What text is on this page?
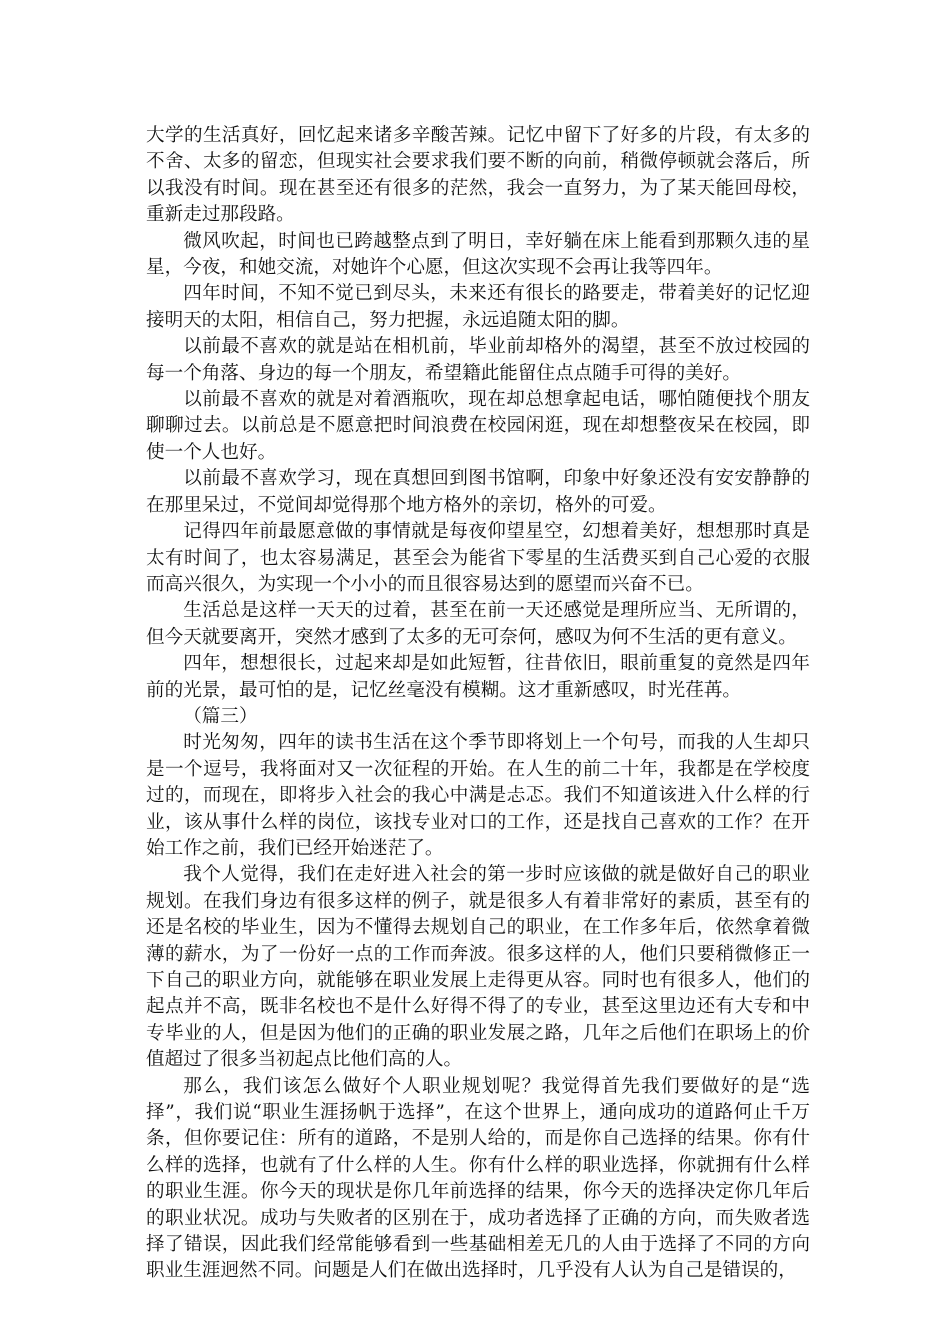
大学的生活真好，回忆起来诸多辛酸苦辣。记忆中留下了好多的片段，有太多的不舍、太多的留恋，但现实社会要求我们要不断的向前，稍微停顿就会落后，所以我没有时间。现在甚至还有很多的茫然，我会一直努力，为了某天能回母校，重新走过那段路。

微风吹起，时间也已跨越整点到了明日，幸好躺在床上能看到那颗久违的星星，今夜，和她交流，对她许个心愿，但这次实现不会再让我等四年。

四年时间，不知不觉已到尽头，未来还有很长的路要走，带着美好的记忆迎接明天的太阳，相信自己，努力把握，永远追随太阳的脚。

以前最不喜欢的就是站在相机前，毕业前却格外的渴望，甚至不放过校园的每一个角落、身边的每一个朋友，希望籍此能留住点点随手可得的美好。

以前最不喜欢的就是对着酒瓶吹，现在却总想拿起电话，哪怕随便找个朋友聊聊过去。以前总是不愿意把时间浪费在校园闲逛，现在却想整夜呆在校园，即使一个人也好。

以前最不喜欢学习，现在真想回到图书馆啊，印象中好象还没有安安静静的在那里呆过，不觉间却觉得那个地方格外的亲切，格外的可爱。

记得四年前最愿意做的事情就是每夜仰望星空，幻想着美好，想想那时真是太有时间了，也太容易满足，甚至会为能省下零星的生活费买到自己心爱的衣服而高兴很久，为实现一个小小的而且很容易达到的愿望而兴奋不已。

生活总是这样一天天的过着，甚至在前一天还感觉是理所应当、无所谓的，但今天就要离开，突然才感到了太多的无可奈何，感叹为何不生活的更有意义。

四年，想想很长，过起来却是如此短暂，往昔依旧，眼前重复的竟然是四年前的光景，最可怕的是，记忆丝毫没有模糊。这才重新感叹，时光荏苒。

（篇三）

时光匆匆，四年的读书生活在这个季节即将划上一个句号，而我的人生却只是一个逗号，我将面对又一次征程的开始。在人生的前二十年，我都是在学校度过的，而现在，即将步入社会的我心中满是忐忑。我们不知道该进入什么样的行业，该从事什么样的岗位，该找专业对口的工作，还是找自己喜欢的工作？在开始工作之前，我们已经开始迷茫了。

我个人觉得，我们在走好进入社会的第一步时应该做的就是做好自己的职业规划。在我们身边有很多这样的例子，就是很多人有着非常好的素质，甚至有的还是名校的毕业生，因为不懂得去规划自己的职业，在工作多年后，依然拿着微薄的薪水，为了一份好一点的工作而奔波。很多这样的人，他们只要稍微修正一下自己的职业方向，就能够在职业发展上走得更从容。同时也有很多人，他们的起点并不高，既非名校也不是什么好得不得了的专业，甚至这里边还有大专和中专毕业的人，但是因为他们的正确的职业发展之路，几年之后他们在职场上的价值超过了很多当初起点比他们高的人。

那么，我们该怎么做好个人职业规划呢？我觉得首先我们要做好的是“选择”，我们说“职业生涯扬帆于选择”，在这个世界上，通向成功的道路何止千万条，但你要记住：所有的道路，不是别人给的，而是你自己选择的结果。你有什么样的选择，也就有了什么样的人生。你有什么样的职业选择，你就拥有什么样的职业生涯。你今天的现状是你几年前选择的结果，你今天的选择决定你几年后的职业状况。成功与失败者的区别在于，成功者选择了正确的方向，而失败者选择了错误，因此我们经常能够看到一些基础相差无几的人由于选择了不同的方向职业生涯迥然不同。问题是人们在做出选择时，几乎没有人认为自己是错误的，
